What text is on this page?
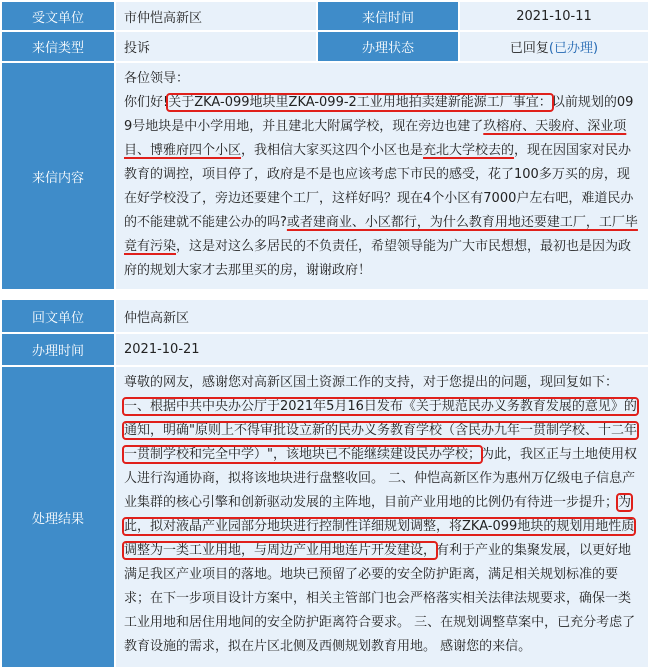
受文单位	市仲恺高新区	来信时间	2021-10-11
来信类型	投诉	办理状态	已回复(已办理)
来信内容	各位领导：
你们好!关于ZKA-099地块里ZKA-099-2工业用地拍卖建新能源工厂事宜：以前规划的099号地块是中小学用地，并且建北大附属学校，现在旁边也建了玖榕府、天骏府、深业项目、博雅府四个小区，我相信大家买这四个小区也是充北大学校去的，现在因国家对民办教育的调控，项目停了，政府是不是也应该考虑下市民的感受，花了100多万买的房，现在好学校没了，旁边还要建个工厂，这样好吗？现在4个小区有7000户左右吧，难道民办的不能建就不能建公办的吗?或者建商业、小区都行，为什么教育用地还要建工厂，工厂毕竟有污染，这是对这么多居民的不负责任，希望领导能为广大市民想想，最初也是因为政府的规划大家才去那里买的房，谢谢政府！		
回文单位	仲恺高新区
办理时间	2021-10-21
处理结果	尊敬的网友，感谢您对高新区国土资源工作的支持，对于您提出的问题，现回复如下：一、根据中共中央办公厅于2021年5月16日发布《关于规范民办义务教育发展的意见》的通知，明确"原则上不得审批设立新的民办义务教育学校（含民办九年一贯制学校、十二年一贯制学校和完全中学）"，该地块已不能继续建设民办学校；为此，我区正与土地使用权人进行沟通协商，拟将该地块进行盘整收回。 二、仲恺高新区作为惠州万亿级电子信息产业集群的核心引擎和创新驱动发展的主阵地，目前产业用地的比例仍有待进一步提升；为此，拟对液晶产业园部分地块进行控制性详细规划调整，将ZKA-099地块的规划用地性质调整为一类工业用地，与周边产业用地连片开发建设，有利于产业的集聚发展，以更好地满足我区产业项目的落地。地块已预留了必要的安全防护距离，满足相关规划标准的要求；在下一步项目设计方案中，相关主管部门也会严格落实相关法律法规要求，确保一类工业用地和居住用地间的安全防护距离符合要求。 三、在规划调整草案中，已充分考虑了教育设施的需求，拟在片区北侧及西侧规划教育用地。 感谢您的来信。
